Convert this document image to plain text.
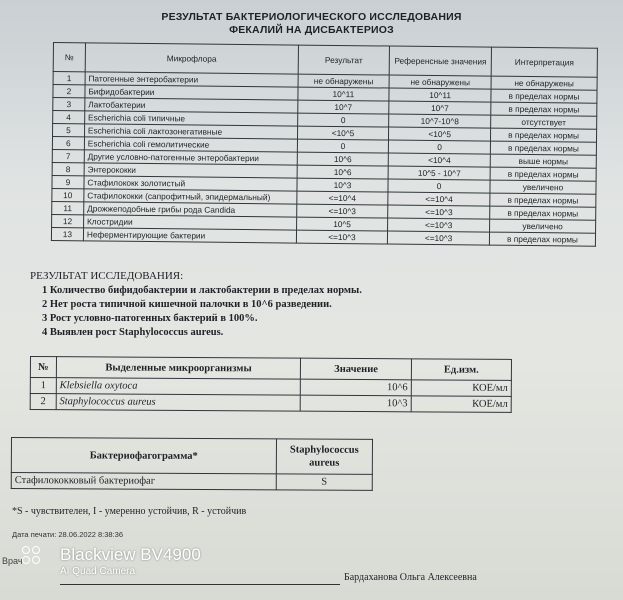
РЕЗУЛЬТАТ БАКТЕРИОЛОГИЧЕСКОГО ИССЛЕДОВАНИЯ
ФЕКАЛИЙ НА ДИСБАКТЕРИОЗ
№	Микрофлора	Результат	Референсные значения	Интерпретация
1	Патогенные энтеробактерии	не обнаружены	не обнаружены	не обнаружены
2	Бифидобактерии	10^11	10^11	в пределах нормы
3	Лактобактерии	10^7	10^7	в пределах нормы
4	Escherichia coli типичные	0	10^7-10^8	отсутствует
5	Escherichia coli лактозонегативные	<10^5	<10^5	в пределах нормы
6	Escherichia coli гемолитические	0	0	в пределах нормы
7	Другие условно-патогенные энтеробактерии	10^6	<10^4	выше нормы
8	Энтерококки	10^6	10^5 - 10^7	в пределах нормы
9	Стафилококк золотистый	10^3	0	увеличено
10	Стафилококки (сапрофитный, эпидермальный)	<=10^4	<=10^4	в пределах нормы
11	Дрожжеподобные грибы рода Candida	<=10^3	<=10^3	в пределах нормы
12	Клостридии	10^5	<=10^3	увеличено
13	Неферментирующие бактерии	<=10^3	<=10^3	в пределах нормы
РЕЗУЛЬТАТ ИССЛЕДОВАНИЯ:
1 Количество бифидобактерии и лактобактерии в пределах нормы.
2 Нет роста типичной кишечной палочки в 10^6 разведении.
3 Рост условно-патогенных бактерий в 100%.
4 Выявлен рост Staphylococcus aureus.
№	Выделенные микроорганизмы	Значение	Ед.изм.
1	Klebsiella oxytoca	10^6	КОЕ/мл
2	Staphylococcus aureus	10^3	КОЕ/мл
Бактериофагограмма*	Staphylococcus aureus
Стафилококковый бактериофаг	S
*S - чувствителен, I - умеренно устойчив, R - устойчив
Дата печати: 28.06.2022 8:38:36
Врач
Бардаханова Ольга Алексеевна
Blackview BV4900
AI Quad Camera
